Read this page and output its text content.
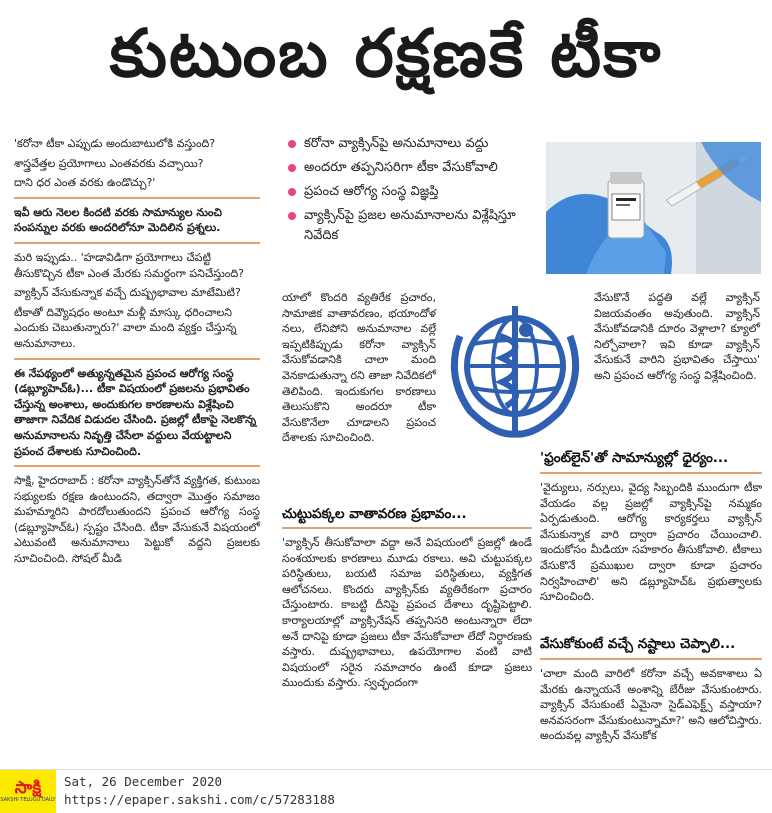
కుటుంబ రక్షణకే టీకా

'కరోనా టీకా ఎప్పుడు అందుబాటులోకి వస్తుంది?

శాస్త్రవేత్తల ప్రయోగాలు ఎంతవరకు వచ్చాయి?

దాని ధర ఎంత వరకు ఉండొచ్చు?'

ఇవీ ఆరు నెలల కిందటి వరకు సామాన్యుల నుంచి సంపన్నుల వరకు అందరిలోనూ మెదిలిన ప్రశ్నలు.

మరి ఇప్పుడు.. 'హడావిడిగా ప్రయోగాలు చేపట్టి తీసుకొచ్చిన టీకా ఎంత మేరకు సమర్థంగా పనిచేస్తుంది?

వ్యాక్సిన్ వేసుకున్నాక వచ్చే దుష్ప్రభావాల మాటేమిటి?

టీకాతో దివ్యౌషధం అంటూ మళ్లీ మాస్కు ధరించాలని ఎందుకు చెబుతున్నారు?' వాలా మంది వ్యక్తం చేస్తున్న అనుమానాలు.

ఈ నేపథ్యంలో అత్యున్నతమైన ప్రపంచ ఆరోగ్య సంస్థ (డబ్ల్యూహెచ్ఓ)... టీకా విషయంలో ప్రజలను ప్రభావితం చేస్తున్న అంశాలు, అందుకుగల కారణాలను విశ్లేషించి తాజాగా నివేదిక విడుదల చేసింది. ప్రజల్లో టీకాపై నెలకొన్న అనుమానాలను నివృత్తి చేసేలా వద్దులు వేయట్టాలని ప్రపంచ దేశాలకు సూచించింది.

సాక్షి, హైదరాబాద్ : కరోనా వ్యాక్సిన్‌తోనే వ్యక్తిగత, కుటుంబ సభ్యులకు రక్షణ ఉంటుందని, తద్వారా మొత్తం సమాజం మహమ్మారిని పారదోలుతుందని ప్రపంచ ఆరోగ్య సంస్థ (డబ్ల్యూహెచ్ఓ) స్పష్టం చేసింది. టీకా వేసుకునే విషయంలో ఎటువంటి అనుమానాలు పెట్టుకో వద్దని ప్రజలకు సూచించింది. సోషల్ మీడి

కరోనా వ్యాక్సిన్‌పై అనుమానాలు వద్దు
అందరూ తప్పనిసరిగా టీకా వేసుకోవాలి
ప్రపంచ ఆరోగ్య సంస్థ విజ్ఞప్తి
వ్యాక్సిన్‌పై ప్రజల అనుమానాలను విశ్లేషిస్తూ నివేదిక
యాలో కొందరి వ్యతిరేక ప్రచారం, సామాజిక వాతావరణం, భయాందోళ నలు, లేనిపోని అనుమానాల వల్లే ఇప్పటికిప్పుడు కరోనా వ్యాక్సిన్ వేసుకోవడానికి చాలా మంది వెనకాడుతున్నా రని తాజా నివేదికలో తెలిపింది. ఇందుకుగల కారణాలు తెలుసుకొని అందరూ టీకా వేసుకొనేలా చూడాలని ప్రపంచ దేశాలకు సూచించింది.
చుట్టుపక్కల వాతావరణ ప్రభావం...
'వ్యాక్సిన్ తీసుకోవాలా వద్దా అనే విషయంలో ప్రజల్లో ఉండే సంశయాలకు కారణాలు మూడు రకాలు. అవి చుట్టుపక్కల పరిస్థితులు, బయటి సమాజ పరిస్థితులు, వ్యక్తిగత ఆలోచనలు. కొందరు వ్యాక్సిన్‌కు వ్యతిరేకంగా ప్రచారం చేస్తుంటారు. కాబట్టి దీనిపై ప్రపంచ దేశాలు దృష్టిపెట్టాలి. కార్యాలయాల్లో వ్యాక్సినేషన్ తప్పనిసరి అంటున్నారా లేదా అనే దానిపై కూడా ప్రజలు టీకా వేసుకోవాలా లేదో నిర్ధారణకు వస్తారు. దుష్ప్రభావాలు, ఉపయోగాల వంటి వాటి విషయంలో సరైన సమాచారం ఉంటే కూడా ప్రజలు ముందుకు వస్తారు. స్వచ్ఛందంగా
వేసుకొనే పద్ధతి వల్లే వ్యాక్సిన్ విజయవంతం అవుతుంది. వ్యాక్సిన్ వేసుకోవడానికి దూరం వెళ్లాలా? క్యూలో నిల్చోవాలా? ఇవి కూడా వ్యాక్సిన్ వేసుకునే వారిని ప్రభావితం చేస్తాయి' అని ప్రపంచ ఆరోగ్య సంస్థ విశ్లేషించింది.
'ఫ్రంట్‌లైన్'తో సామాన్యుల్లో ధైర్యం...
'వైద్యులు, నర్సులు, వైద్య సిబ్బందికి ముందుగా టీకా వేయడం వల్ల ప్రజల్లో వ్యాక్సిన్‌పై నమ్మకం ఏర్పడుతుంది. ఆరోగ్య కార్యకర్తలు వ్యాక్సిన్ వేసుకున్నాక వారి ద్వారా ప్రచారం చేయించాలి. ఇందుకోసం మీడియా సహకారం తీసుకోవాలి. టీకాలు వేసుకొనే ప్రముఖుల ద్వారా కూడా ప్రచారం నిర్వహించాలి' అని డబ్ల్యూహెచ్ఓ ప్రభుత్వాలకు సూచించింది.
వేసుకోకుంటే వచ్చే నష్టాలు చెప్పాలి...
'చాలా మంది వారిలో కరోనా వచ్చే అవకాశాలు ఏ మేరకు ఉన్నాయనే అంశాన్ని బేరీజు వేసుకుంటారు. వ్యాక్సిన్ వేసుకుంటే ఏమైనా సైడ్‌ఎఫెక్ట్స్ వస్తాయా? అనవసరంగా వేసుకుంటున్నామా?' అని ఆలోచిస్తారు. అందువల్ల వ్యాక్సిన్ వేసుకోక
సాక్షి
SAKSHI TELUGU DAILY
Sat, 26 December 2020
https://epaper.sakshi.com/c/57283188
